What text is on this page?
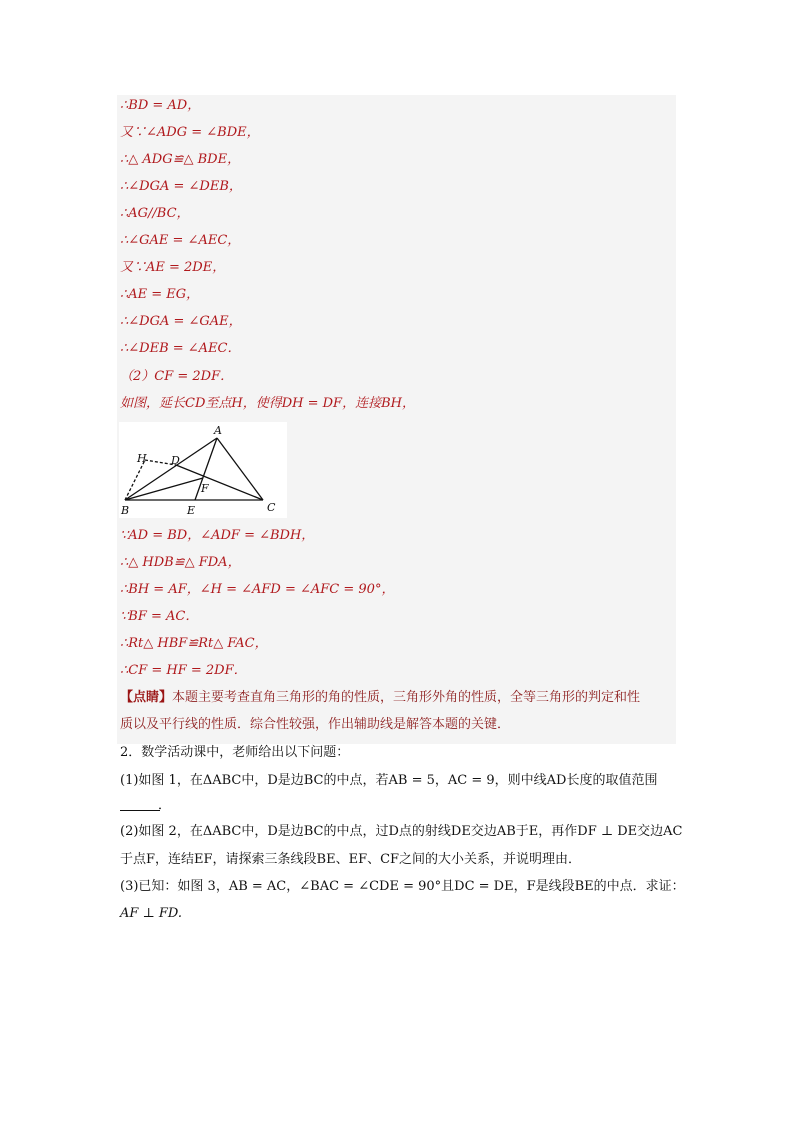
∴BD = AD，
又∵∠ADG = ∠BDE，
∴△ ADG≌△ BDE，
∴∠DGA = ∠DEB，
∴AG//BC，
∴∠GAE = ∠AEC，
又∵AE = 2DE，
∴AE = EG，
∴∠DGA = ∠GAE，
∴∠DEB = ∠AEC．
（2）CF = 2DF．
如图，延长CD至点H，使得DH = DF，连接BH，
A
B	C
D
E
F
H
∵AD = BD，∠ADF = ∠BDH，
∴△ HDB≌△ FDA，
∴BH = AF，∠H = ∠AFD = ∠AFC = 90°，
∵BF = AC．
∴Rt△ HBF≌Rt△ FAC，
∴CF = HF = 2DF．
【点睛】本题主要考查直角三角形的角的性质，三角形外角的性质，全等三角形的判定和性
质以及平行线的性质．综合性较强，作出辅助线是解答本题的关键．
2．数学活动课中，老师给出以下问题：
(1)如图 1，在ΔABC中，D是边BC的中点，若AB = 5，AC = 9，则中线AD长度的取值范围
．
(2)如图 2，在ΔABC中，D是边BC的中点，过D点的射线DE交边AB于E，再作DF ⊥ DE交边AC
于点F，连结EF，请探索三条线段BE、EF、CF之间的大小关系，并说明理由．
(3)已知：如图 3，AB = AC，∠BAC = ∠CDE = 90°且DC = DE，F是线段BE的中点．求证：
AF ⊥ FD.
